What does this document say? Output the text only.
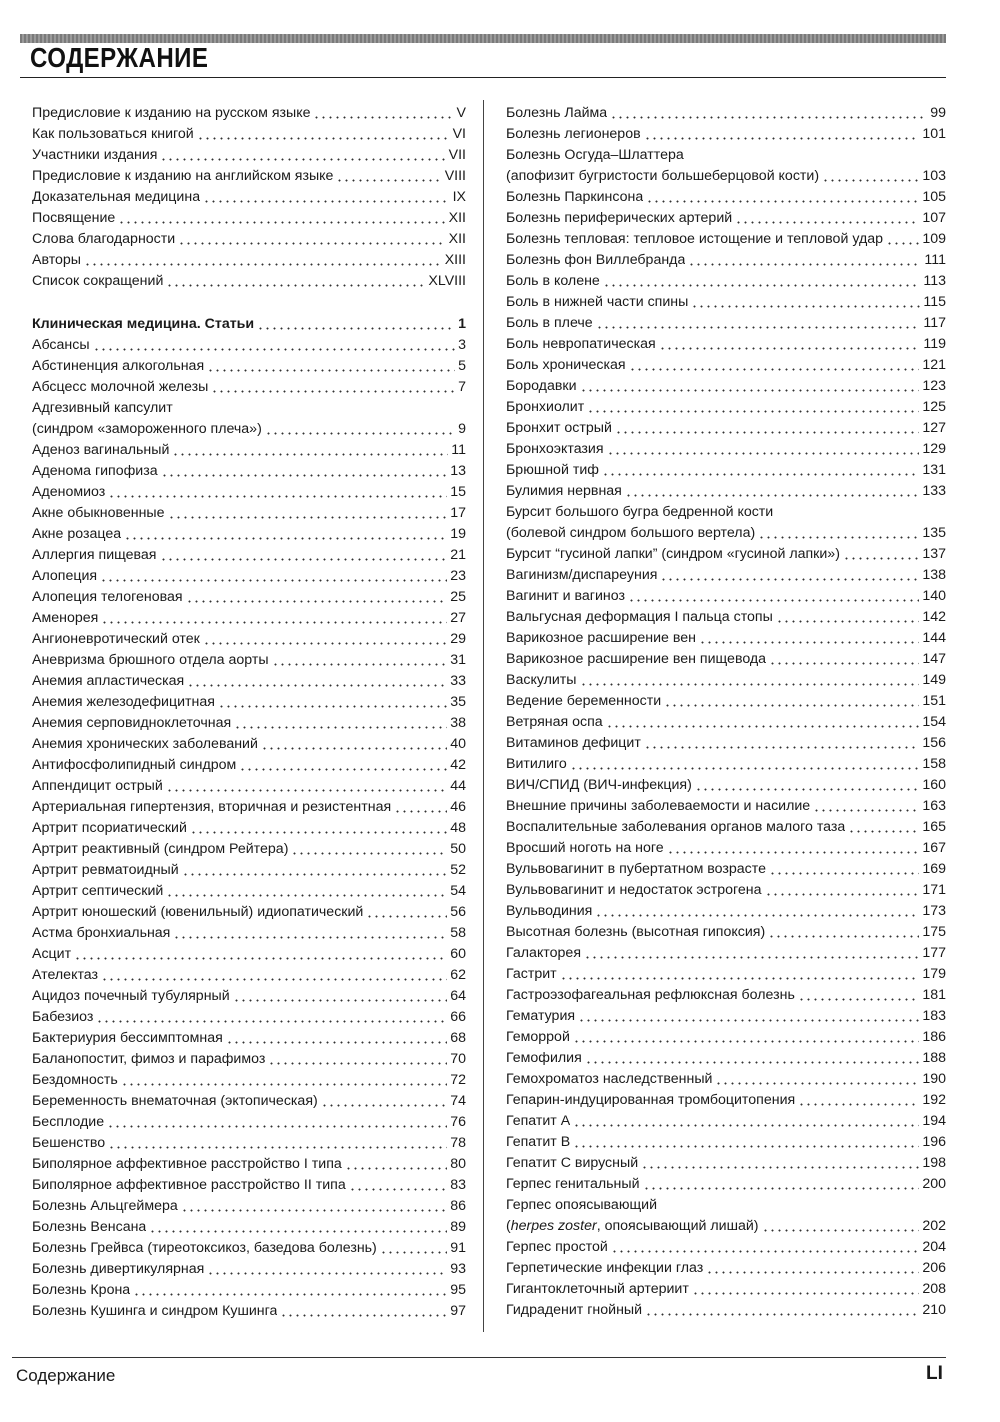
СОДЕРЖАНИЕ
Предисловие к изданию на русском языке	V
Как пользоваться книгой	VI
Участники издания	VII
Предисловие к изданию на английском языке	VIII
Доказательная медицина	IX
Посвящение	XII
Слова благодарности	XII
Авторы	XIII
Список сокращений	XLVIII
Клиническая медицина. Статьи	1
Абсансы	3
Абстиненция алкогольная	5
Абсцесс молочной железы	7
Адгезивный капсулит
(синдром «замороженного плеча»)	9
Аденоз вагинальный	11
Аденома гипофиза	13
Аденомиоз	15
Акне обыкновенные	17
Акне розацеа	19
Аллергия пищевая	21
Алопеция	23
Алопеция телогеновая	25
Аменорея	27
Ангионевротический отек	29
Аневризма брюшного отдела аорты	31
Анемия апластическая	33
Анемия железодефицитная	35
Анемия серповидноклеточная	38
Анемия хронических заболеваний	40
Антифосфолипидный синдром	42
Аппендицит острый	44
Артериальная гипертензия, вторичная и резистентная	46
Артрит псориатический	48
Артрит реактивный (синдром Рейтера)	50
Артрит ревматоидный	52
Артрит септический	54
Артрит юношеский (ювенильный) идиопатический	56
Астма бронхиальная	58
Асцит	60
Ателектаз	62
Ацидоз почечный тубулярный	64
Бабезиоз	66
Бактериурия бессимптомная	68
Баланопостит, фимоз и парафимоз	70
Бездомность	72
Беременность внематочная (эктопическая)	74
Бесплодие	76
Бешенство	78
Биполярное аффективное расстройство I типа	80
Биполярное аффективное расстройство II типа	83
Болезнь Альцгеймера	86
Болезнь Венсана	89
Болезнь Грейвса (тиреотоксикоз, базедова болезнь)	91
Болезнь дивертикулярная	93
Болезнь Крона	95
Болезнь Кушинга и синдром Кушинга	97
Болезнь Лайма	99
Болезнь легионеров	101
Болезнь Осгуда–Шлаттера
(апофизит бугристости большеберцовой кости)	103
Болезнь Паркинсона	105
Болезнь периферических артерий	107
Болезнь тепловая: тепловое истощение и тепловой удар	109
Болезнь фон Виллебранда	111
Боль в колене	113
Боль в нижней части спины	115
Боль в плече	117
Боль невропатическая	119
Боль хроническая	121
Бородавки	123
Бронхиолит	125
Бронхит острый	127
Бронхоэктазия	129
Брюшной тиф	131
Булимия нервная	133
Бурсит большого бугра бедренной кости
(болевой синдром большого вертела)	135
Бурсит “гусиной лапки” (синдром «гусиной лапки»)	137
Вагинизм/диспареуния	138
Вагинит и вагиноз	140
Вальгусная деформация I пальца стопы	142
Варикозное расширение вен	144
Варикозное расширение вен пищевода	147
Васкулиты	149
Ведение беременности	151
Ветряная оспа	154
Витаминов дефицит	156
Витилиго	158
ВИЧ/СПИД (ВИЧ-инфекция)	160
Внешние причины заболеваемости и насилие	163
Воспалительные заболевания органов малого таза	165
Вросший ноготь на ноге	167
Вульвовагинит в пубертатном возрасте	169
Вульвовагинит и недостаток эстрогена	171
Вульводиния	173
Высотная болезнь (высотная гипоксия)	175
Галакторея	177
Гастрит	179
Гастроэзофагеальная рефлюксная болезнь	181
Гематурия	183
Геморрой	186
Гемофилия	188
Гемохроматоз наследственный	190
Гепарин-индуцированная тромбоцитопения	192
Гепатит А	194
Гепатит В	196
Гепатит С вирусный	198
Герпес генитальный	200
Герпес опоясывающий
(herpes zoster, опоясывающий лишай)	202
Герпес простой	204
Герпетические инфекции глаз	206
Гигантоклеточный артериит	208
Гидраденит гнойный	210
Содержание	LI
